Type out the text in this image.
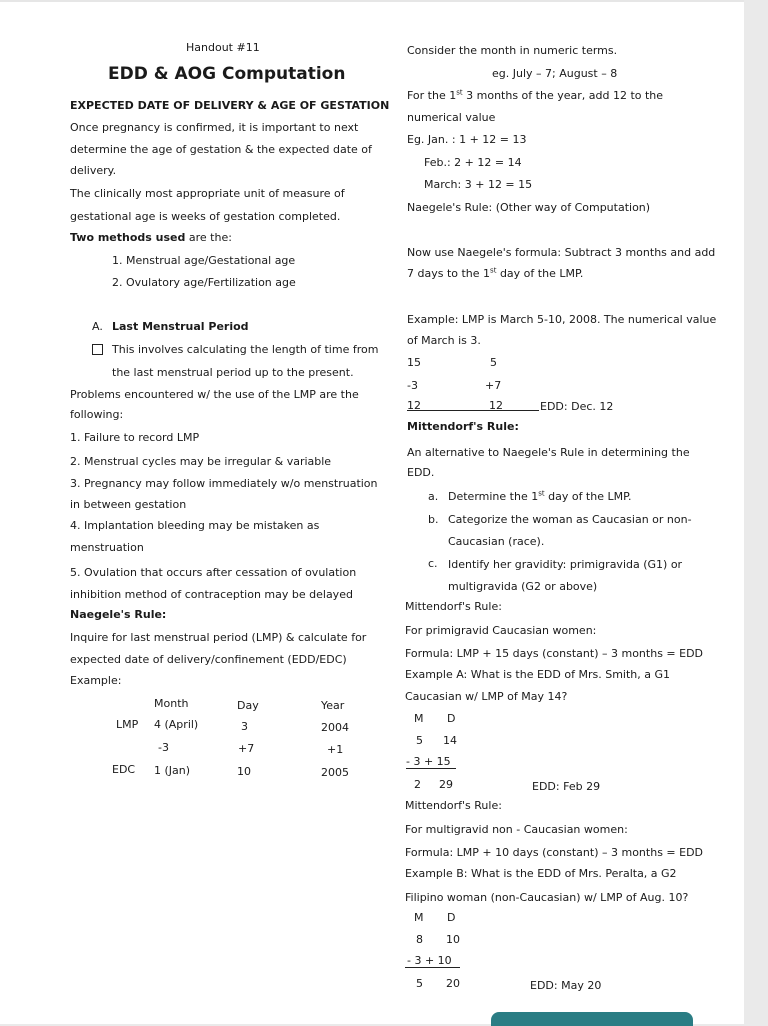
Handout #11
EDD & AOG Computation
EXPECTED DATE OF DELIVERY & AGE OF GESTATION
Once pregnancy is confirmed, it is important to next
determine the age of gestation & the expected date of
delivery.
The clinically most appropriate unit of measure of
gestational age is weeks of gestation completed.
Two methods used are the:
1. Menstrual age/Gestational age
2. Ovulatory age/Fertilization age
A. Last Menstrual Period
This involves calculating the length of time from
the last menstrual period up to the present.
Problems encountered w/ the use of the LMP are the
following:
1. Failure to record LMP
2. Menstrual cycles may be irregular & variable
3. Pregnancy may follow immediately w/o menstruation
in between gestation
4. Implantation bleeding may be mistaken as
menstruation
5. Ovulation that occurs after cessation of ovulation
inhibition method of contraception may be delayed
Naegele's Rule:
Inquire for last menstrual period (LMP) & calculate for
expected date of delivery/confinement (EDD/EDC)
Example:
Month	Day	Year
LMP 4 (April)	3	2004
-3	+7	+1
EDC 1 (Jan)	10	2005
Consider the month in numeric terms.
eg. July – 7; August – 8
For the 1st 3 months of the year, add 12 to the
numerical value
Eg. Jan. : 1 + 12 = 13
Feb.: 2 + 12 = 14
March: 3 + 12 = 15
Naegele's Rule: (Other way of Computation)
Now use Naegele's formula: Subtract 3 months and add
7 days to the 1st day of the LMP.
Example: LMP is March 5-10, 2008. The numerical value
of March is 3.
15	5
-3	+7
12	12	EDD: Dec. 12
Mittendorf's Rule:
An alternative to Naegele's Rule in determining the
EDD.
a. Determine the 1st day of the LMP.
b. Categorize the woman as Caucasian or non-
Caucasian (race).
c. Identify her gravidity: primigravida (G1) or
multigravida (G2 or above)
Mittendorf's Rule:
For primigravid Caucasian women:
Formula: LMP + 15 days (constant) – 3 months = EDD
Example A: What is the EDD of Mrs. Smith, a G1
Caucasian w/ LMP of May 14?
M D
5 14
- 3 + 15
2 29	EDD: Feb 29
Mittendorf's Rule:
For multigravid non - Caucasian women:
Formula: LMP + 10 days (constant) – 3 months = EDD
Example B: What is the EDD of Mrs. Peralta, a G2
Filipino woman (non-Caucasian) w/ LMP of Aug. 10?
M D
8 10
- 3 + 10
5 20	EDD: May 20
